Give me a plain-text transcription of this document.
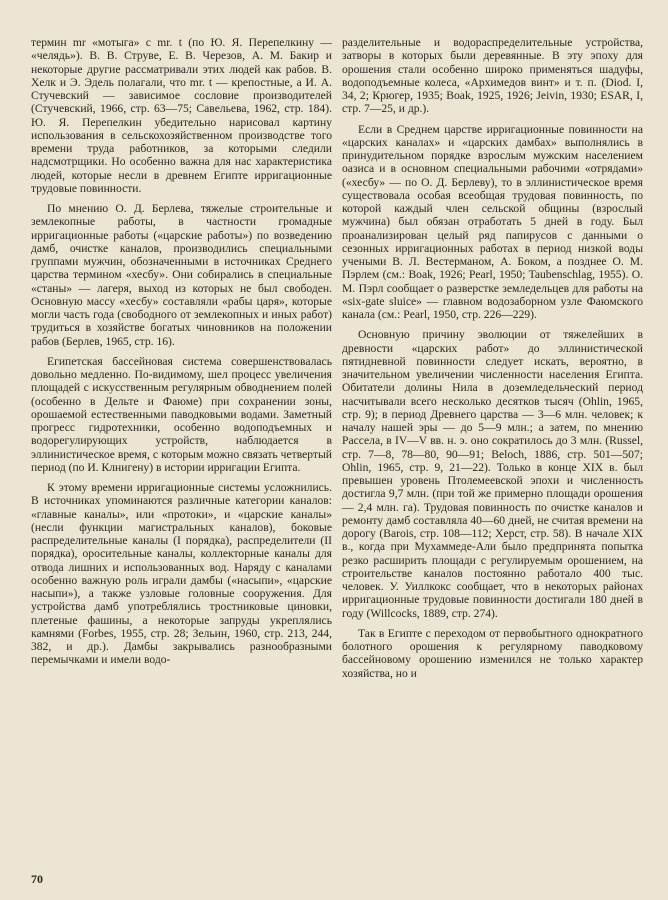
термин mr «мотыга» с mr. t (по Ю. Я. Перепелкину — «челядь»). В. В. Струве, Е. В. Черезов, А. М. Бакир и некоторые другие рассматривали этих людей как рабов. В. Хелк и Э. Эдель полагали, что mr. t — крепостные, а И. А. Стучевский — зависимое сословие производителей (Стучевский, 1966, стр. 63—75; Савельева, 1962, стр. 184). Ю. Я. Перепелкин убедительно нарисовал картину использования в сельскохозяйственном производстве того времени труда работников, за которыми следили надсмотрщики. Но особенно важна для нас характеристика людей, которые несли в древнем Египте ирригационные трудовые повинности.

По мнению О. Д. Берлева, тяжелые строительные и землекопные работы, в частности громадные ирригационные работы («царские работы») по возведению дамб, очистке каналов, производились специальными группами мужчин, обозначенными в источниках Среднего царства термином «хесбу». Они собирались в специальные «станы» — лагеря, выход из которых не был свободен. Основную массу «хесбу» составляли «рабы царя», которые могли часть года (свободного от землекопных и иных работ) трудиться в хозяйстве богатых чиновников на положении рабов (Берлев, 1965, стр. 16).

Египетская бассейновая система совершенствовалась довольно медленно. По-видимому, шел процесс увеличения площадей с искусственным регулярным обводнением полей (особенно в Дельте и Фаюме) при сохранении зоны, орошаемой естественными паводковыми водами. Заметный прогресс гидротехники, особенно водоподъемных и водорегулирующих устройств, наблюдается в эллинистическое время, с которым можно связать четвертый период (по И. Клнигену) в истории ирригации Египта.

К этому времени ирригационные системы усложнились. В источниках упоминаются различные категории каналов: «главные каналы», или «протоки», и «царские каналы» (несли функции магистральных каналов), боковые распределительные каналы (I порядка), распределители (II порядка), оросительные каналы, коллекторные каналы для отвода лишних и использованных вод. Наряду с каналами особенно важную роль играли дамбы («насыпи», «царские насыпи»), а также узловые головные сооружения. Для устройства дамб употреблялись тростниковые циновки, плетеные фашины, а некоторые запруды укреплялись камнями (Forbes, 1955, стр. 28; Зельин, 1960, стр. 213, 244, 382, и др.). Дамбы закрывались разнообразными перемычками и имели водо-

разделительные и водораспределительные устройства, затворы в которых были деревянные. В эту эпоху для орошения стали особенно широко применяться шадуфы, водоподъемные колеса, «Архимедов винт» и т. п. (Diod. I, 34, 2; Крюгер, 1935; Boak, 1925, 1926; Jeivin, 1930; ESAR, I, стр. 7—25, и др.).

Если в Среднем царстве ирригационные повинности на «царских каналах» и «царских дамбах» выполнялись в принудительном порядке взрослым мужским населением оазиса и в основном специальными рабочими «отрядами» («хесбу» — по О. Д. Берлеву), то в эллинистическое время существовала особая всеобщая трудовая повинность, по которой каждый член сельской общины (взрослый мужчина) был обязан отработать 5 дней в году. Был проанализирован целый ряд папирусов с данными о сезонных ирригационных работах в период низкой воды учеными В. Л. Вестерманом, А. Боком, а позднее О. М. Пэрлем (см.: Boak, 1926; Pearl, 1950; Taubenschlag, 1955). О. М. Пэрл сообщает о разверстке земледельцев для работы на «six-gate sluice» — главном водозаборном узле Фаюмского канала (см.: Pearl, 1950, стр. 226—229).

Основную причину эволюции от тяжелейших в древности «царских работ» до эллинистической пятидневной повинности следует искать, вероятно, в значительном увеличении численности населения Египта. Обитатели долины Нила в доземледельческий период насчитывали всего несколько десятков тысяч (Ohlin, 1965, стр. 9); в период Древнего царства — 3—6 млн. человек; к началу нашей эры — до 5—9 млн.; а затем, по мнению Рассела, в IV—V вв. н. э. оно сократилось до 3 млн. (Russel, стр. 7—8, 78—80, 90—91; Beloch, 1886, стр. 501—507; Ohlin, 1965, стр. 9, 21—22). Только в конце XIX в. был превышен уровень Птолемеевской эпохи и численность достигла 9,7 млн. (при той же примерно площади орошения — 2,4 млн. га). Трудовая повинность по очистке каналов и ремонту дамб составляла 40—60 дней, не считая времени на дорогу (Barois, стр. 108—112; Херст, стр. 58). В начале XIX в., когда при Мухаммеде-Али было предпринята попытка резко расширить площади с регулируемым орошением, на строительстве каналов постоянно работало 400 тыс. человек. У. Уиллкокс сообщает, что в некоторых районах ирригационные трудовые повинности достигали 180 дней в году (Willcocks, 1889, стр. 274).

Так в Египте с переходом от первобытного однократного болотного орошения к регулярному паводковому бассейновому орошению изменился не только характер хозяйства, но и

70
